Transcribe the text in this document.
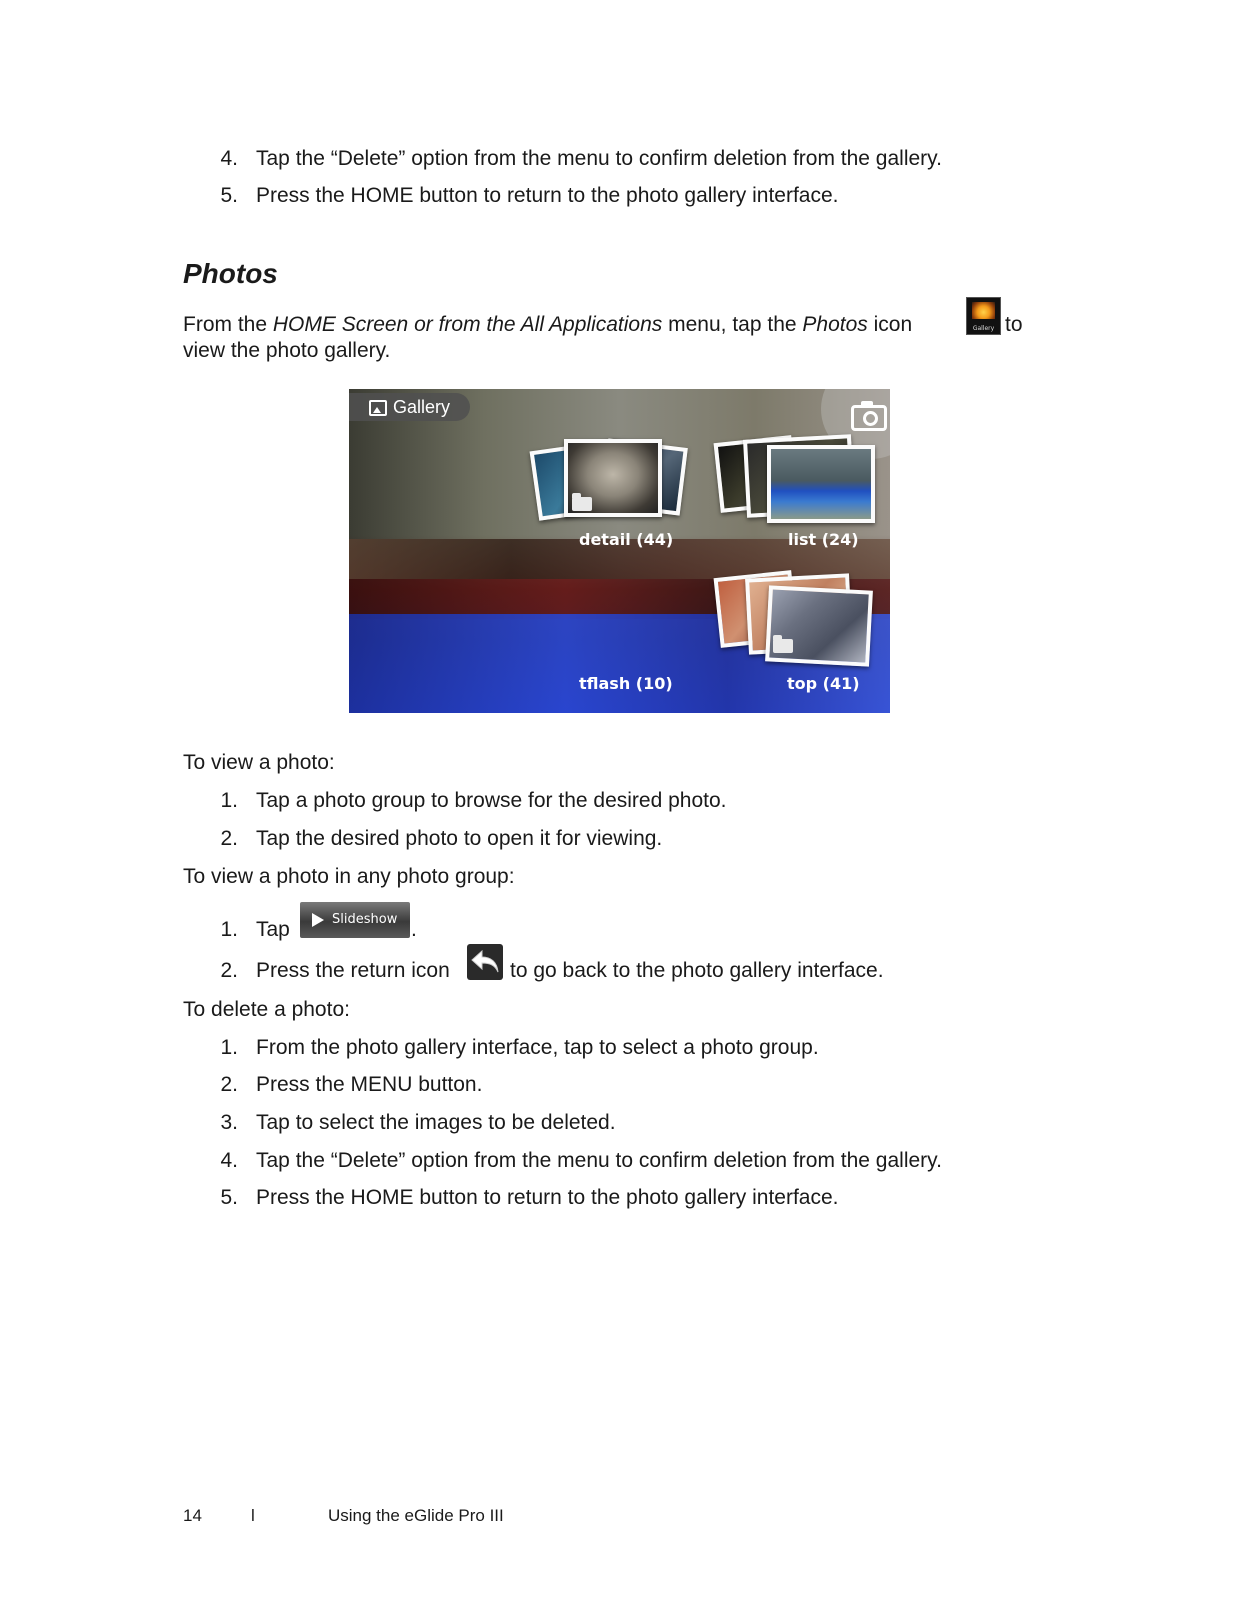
4. Tap the “Delete” option from the menu to confirm deletion from the gallery.
5. Press the HOME button to return to the photo gallery interface.
Photos
From the HOME Screen or from the All Applications menu, tap the Photos icon	Gallery to
view the photo gallery.
Gallery
detail (44)	list (24)
tflash (10)	top (41)
To view a photo:
1. Tap a photo group to browse for the desired photo.
2. Tap the desired photo to open it for viewing.
To view a photo in any photo group:
1. Tap	.
Slideshow
2. Press the return icon	to go back to the photo gallery interface.
To delete a photo:
1. From the photo gallery interface, tap to select a photo group.
2. Press the MENU button.
3. Tap to select the images to be deleted.
4. Tap the “Delete” option from the menu to confirm deletion from the gallery.
5. Press the HOME button to return to the photo gallery interface.
14	l	Using the eGlide Pro III
